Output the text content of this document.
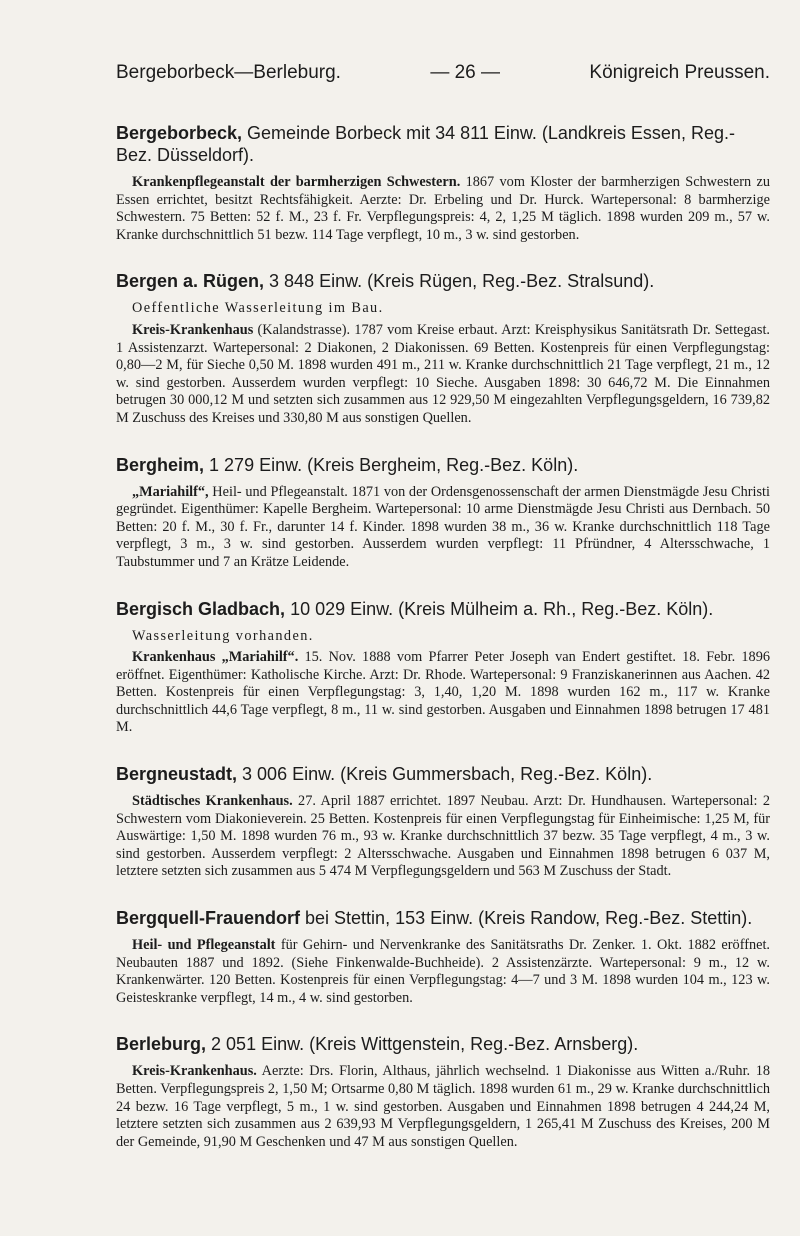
Bergeborbeck—Berleburg.	— 26 —	Königreich Preussen.
Bergeborbeck, Gemeinde Borbeck mit 34 811 Einw. (Landkreis Essen, Reg.-Bez. Düsseldorf).

Krankenpflegeanstalt der barmherzigen Schwestern. 1867 vom Kloster der barmherzigen Schwestern zu Essen errichtet, besitzt Rechtsfähigkeit. Aerzte: Dr. Erbeling und Dr. Hurck. Wartepersonal: 8 barmherzige Schwestern. 75 Betten: 52 f. M., 23 f. Fr. Verpflegungspreis: 4, 2, 1,25 M täglich. 1898 wurden 209 m., 57 w. Kranke durchschnittlich 51 bezw. 114 Tage verpflegt, 10 m., 3 w. sind gestorben.

Bergen a. Rügen, 3 848 Einw. (Kreis Rügen, Reg.-Bez. Stralsund).

Oeffentliche Wasserleitung im Bau.

Kreis-Krankenhaus (Kalandstrasse). 1787 vom Kreise erbaut. Arzt: Kreisphysikus Sanitätsrath Dr. Settegast. 1 Assistenzarzt. Wartepersonal: 2 Diakonen, 2 Diakonissen. 69 Betten. Kostenpreis für einen Verpflegungstag: 0,80—2 M, für Sieche 0,50 M. 1898 wurden 491 m., 211 w. Kranke durchschnittlich 21 Tage verpflegt, 21 m., 12 w. sind gestorben. Ausserdem wurden verpflegt: 10 Sieche. Ausgaben 1898: 30 646,72 M. Die Einnahmen betrugen 30 000,12 M und setzten sich zusammen aus 12 929,50 M eingezahlten Verpflegungsgeldern, 16 739,82 M Zuschuss des Kreises und 330,80 M aus sonstigen Quellen.

Bergheim, 1 279 Einw. (Kreis Bergheim, Reg.-Bez. Köln).

„Mariahilf“, Heil- und Pflegeanstalt. 1871 von der Ordensgenossenschaft der armen Dienstmägde Jesu Christi gegründet. Eigenthümer: Kapelle Bergheim. Wartepersonal: 10 arme Dienstmägde Jesu Christi aus Dernbach. 50 Betten: 20 f. M., 30 f. Fr., darunter 14 f. Kinder. 1898 wurden 38 m., 36 w. Kranke durchschnittlich 118 Tage verpflegt, 3 m., 3 w. sind gestorben. Ausserdem wurden verpflegt: 11 Pfründner, 4 Altersschwache, 1 Taubstummer und 7 an Krätze Leidende.

Bergisch Gladbach, 10 029 Einw. (Kreis Mülheim a. Rh., Reg.-Bez. Köln).

Wasserleitung vorhanden.

Krankenhaus „Mariahilf“. 15. Nov. 1888 vom Pfarrer Peter Joseph van Endert gestiftet. 18. Febr. 1896 eröffnet. Eigenthümer: Katholische Kirche. Arzt: Dr. Rhode. Wartepersonal: 9 Franziskanerinnen aus Aachen. 42 Betten. Kostenpreis für einen Verpflegungstag: 3, 1,40, 1,20 M. 1898 wurden 162 m., 117 w. Kranke durchschnittlich 44,6 Tage verpflegt, 8 m., 11 w. sind gestorben. Ausgaben und Einnahmen 1898 betrugen 17 481 M.

Bergneustadt, 3 006 Einw. (Kreis Gummersbach, Reg.-Bez. Köln).

Städtisches Krankenhaus. 27. April 1887 errichtet. 1897 Neubau. Arzt: Dr. Hundhausen. Wartepersonal: 2 Schwestern vom Diakonieverein. 25 Betten. Kostenpreis für einen Verpflegungstag für Einheimische: 1,25 M, für Auswärtige: 1,50 M. 1898 wurden 76 m., 93 w. Kranke durchschnittlich 37 bezw. 35 Tage verpflegt, 4 m., 3 w. sind gestorben. Ausserdem verpflegt: 2 Altersschwache. Ausgaben und Einnahmen 1898 betrugen 6 037 M, letztere setzten sich zusammen aus 5 474 M Verpflegungsgeldern und 563 M Zuschuss der Stadt.

Bergquell-Frauendorf bei Stettin, 153 Einw. (Kreis Randow, Reg.-Bez. Stettin).

Heil- und Pflegeanstalt für Gehirn- und Nervenkranke des Sanitätsraths Dr. Zenker. 1. Okt. 1882 eröffnet. Neubauten 1887 und 1892. (Siehe Finkenwalde-Buchheide). 2 Assistenzärzte. Wartepersonal: 9 m., 12 w. Krankenwärter. 120 Betten. Kostenpreis für einen Verpflegungstag: 4—7 und 3 M. 1898 wurden 104 m., 123 w. Geisteskranke verpflegt, 14 m., 4 w. sind gestorben.

Berleburg, 2 051 Einw. (Kreis Wittgenstein, Reg.-Bez. Arnsberg).

Kreis-Krankenhaus. Aerzte: Drs. Florin, Althaus, jährlich wechselnd. 1 Diakonisse aus Witten a./Ruhr. 18 Betten. Verpflegungspreis 2, 1,50 M; Ortsarme 0,80 M täglich. 1898 wurden 61 m., 29 w. Kranke durchschnittlich 24 bezw. 16 Tage verpflegt, 5 m., 1 w. sind gestorben. Ausgaben und Einnahmen 1898 betrugen 4 244,24 M, letztere setzten sich zusammen aus 2 639,93 M Verpflegungsgeldern, 1 265,41 M Zuschuss des Kreises, 200 M der Gemeinde, 91,90 M Geschenken und 47 M aus sonstigen Quellen.
